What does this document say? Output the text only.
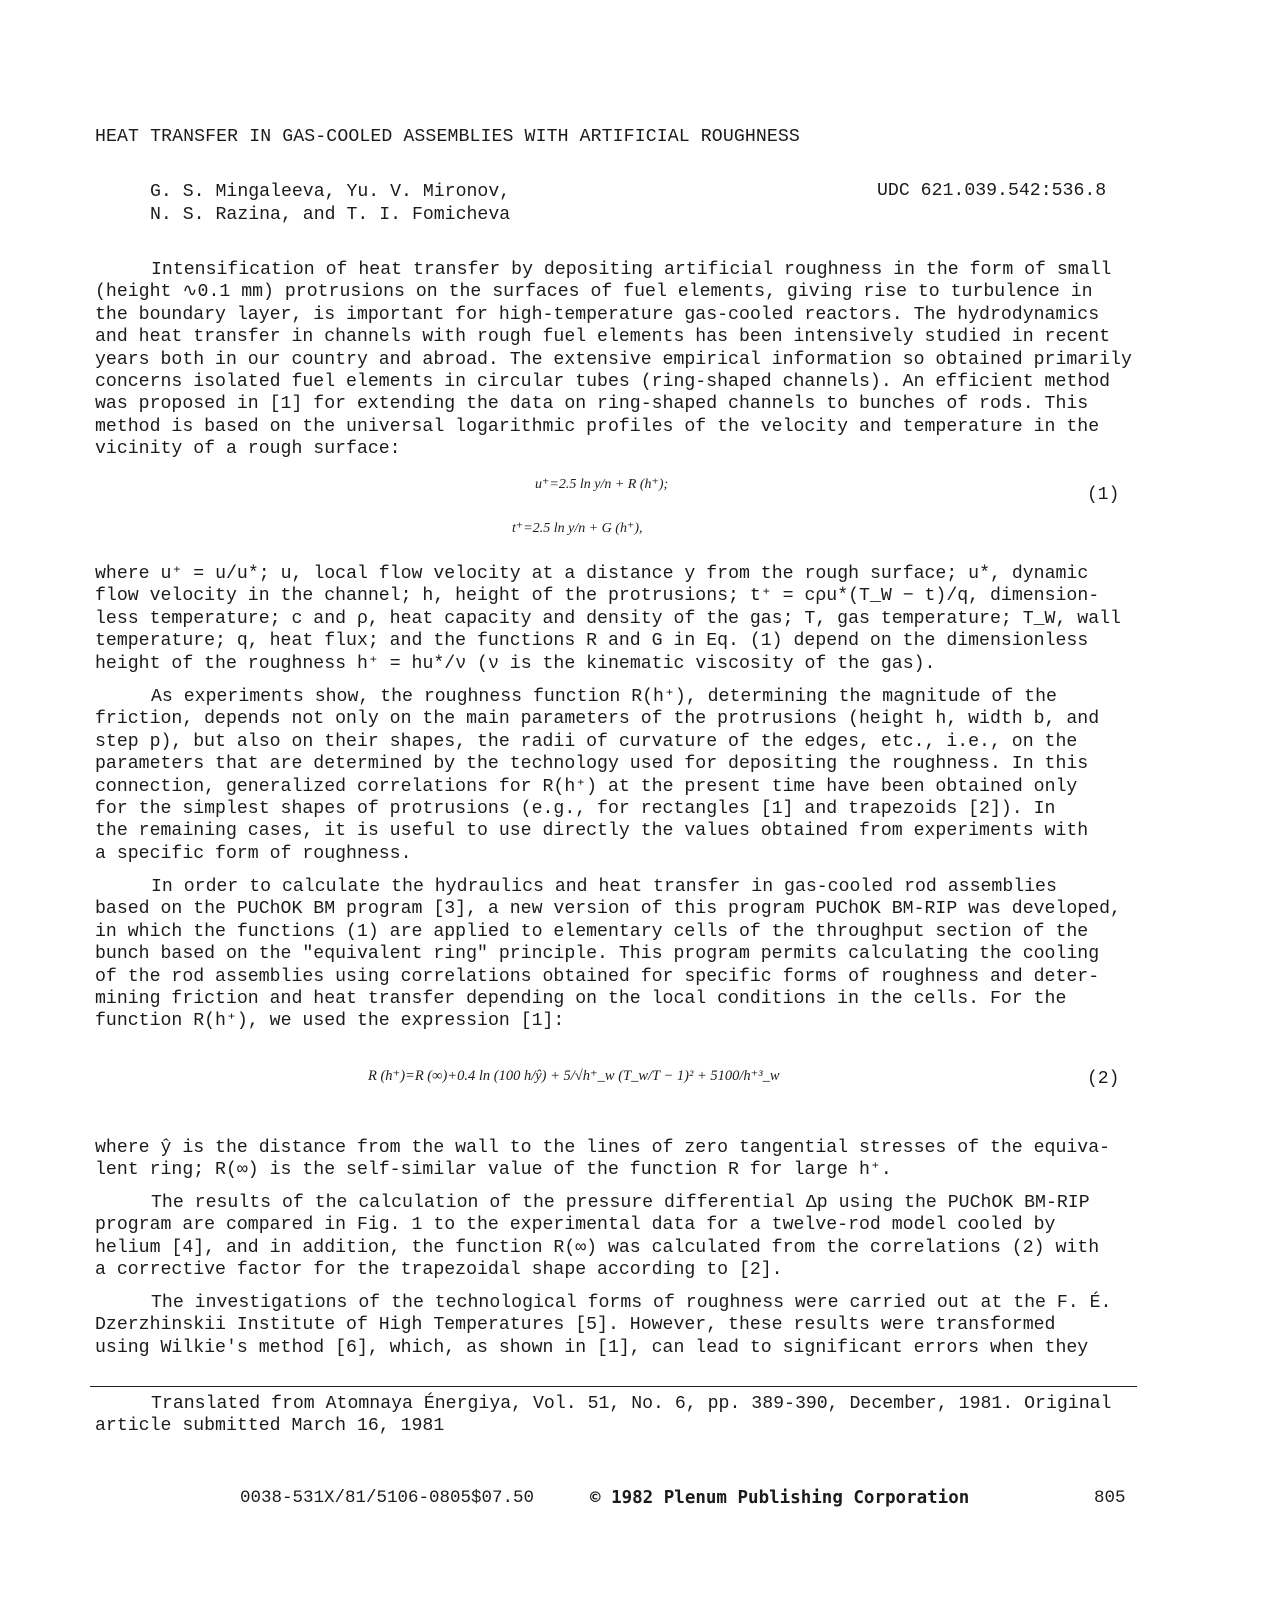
HEAT TRANSFER IN GAS-COOLED ASSEMBLIES WITH ARTIFICIAL ROUGHNESS
G. S. Mingaleeva, Yu. V. Mironov,
N. S. Razina, and T. I. Fomicheva
UDC 621.039.542:536.8
Intensification of heat transfer by depositing artificial roughness in the form of small
(height ∿0.1 mm) protrusions on the surfaces of fuel elements, giving rise to turbulence in
the boundary layer, is important for high-temperature gas-cooled reactors. The hydrodynamics
and heat transfer in channels with rough fuel elements has been intensively studied in recent
years both in our country and abroad. The extensive empirical information so obtained primarily
concerns isolated fuel elements in circular tubes (ring-shaped channels). An efficient method
was proposed in [1] for extending the data on ring-shaped channels to bunches of rods. This
method is based on the universal logarithmic profiles of the velocity and temperature in the
vicinity of a rough surface:
u⁺=2.5 ln y/n + R (h⁺);
t⁺=2.5 ln y/n + G (h⁺),
(1)
where u⁺ = u/u*; u, local flow velocity at a distance y from the rough surface; u*, dynamic
flow velocity in the channel; h, height of the protrusions; t⁺ = cρu*(T_W − t)/q, dimension-
less temperature; c and ρ, heat capacity and density of the gas; T, gas temperature; T_W, wall
temperature; q, heat flux; and the functions R and G in Eq. (1) depend on the dimensionless
height of the roughness h⁺ = hu*/ν (ν is the kinematic viscosity of the gas).
As experiments show, the roughness function R(h⁺), determining the magnitude of the
friction, depends not only on the main parameters of the protrusions (height h, width b, and
step p), but also on their shapes, the radii of curvature of the edges, etc., i.e., on the
parameters that are determined by the technology used for depositing the roughness. In this
connection, generalized correlations for R(h⁺) at the present time have been obtained only
for the simplest shapes of protrusions (e.g., for rectangles [1] and trapezoids [2]). In
the remaining cases, it is useful to use directly the values obtained from experiments with
a specific form of roughness.
In order to calculate the hydraulics and heat transfer in gas-cooled rod assemblies
based on the PUChOK BM program [3], a new version of this program PUChOK BM-RIP was developed,
in which the functions (1) are applied to elementary cells of the throughput section of the
bunch based on the "equivalent ring" principle. This program permits calculating the cooling
of the rod assemblies using correlations obtained for specific forms of roughness and deter-
mining friction and heat transfer depending on the local conditions in the cells. For the
function R(h⁺), we used the expression [1]:
R (h⁺)=R (∞)+0.4 ln (100 h/ŷ) + 5/√h⁺_w (T_w/T − 1)² + 5100/h⁺³_w	(2)
where ŷ is the distance from the wall to the lines of zero tangential stresses of the equiva-
lent ring; R(∞) is the self-similar value of the function R for large h⁺.
The results of the calculation of the pressure differential Δp using the PUChOK BM-RIP
program are compared in Fig. 1 to the experimental data for a twelve-rod model cooled by
helium [4], and in addition, the function R(∞) was calculated from the correlations (2) with
a corrective factor for the trapezoidal shape according to [2].
The investigations of the technological forms of roughness were carried out at the F. É.
Dzerzhinskii Institute of High Temperatures [5]. However, these results were transformed
using Wilkie's method [6], which, as shown in [1], can lead to significant errors when they
Translated from Atomnaya Énergiya, Vol. 51, No. 6, pp. 389-390, December, 1981. Original
article submitted March 16, 1981
0038-531X/81/5106-0805$07.50	© 1982 Plenum Publishing Corporation	805
